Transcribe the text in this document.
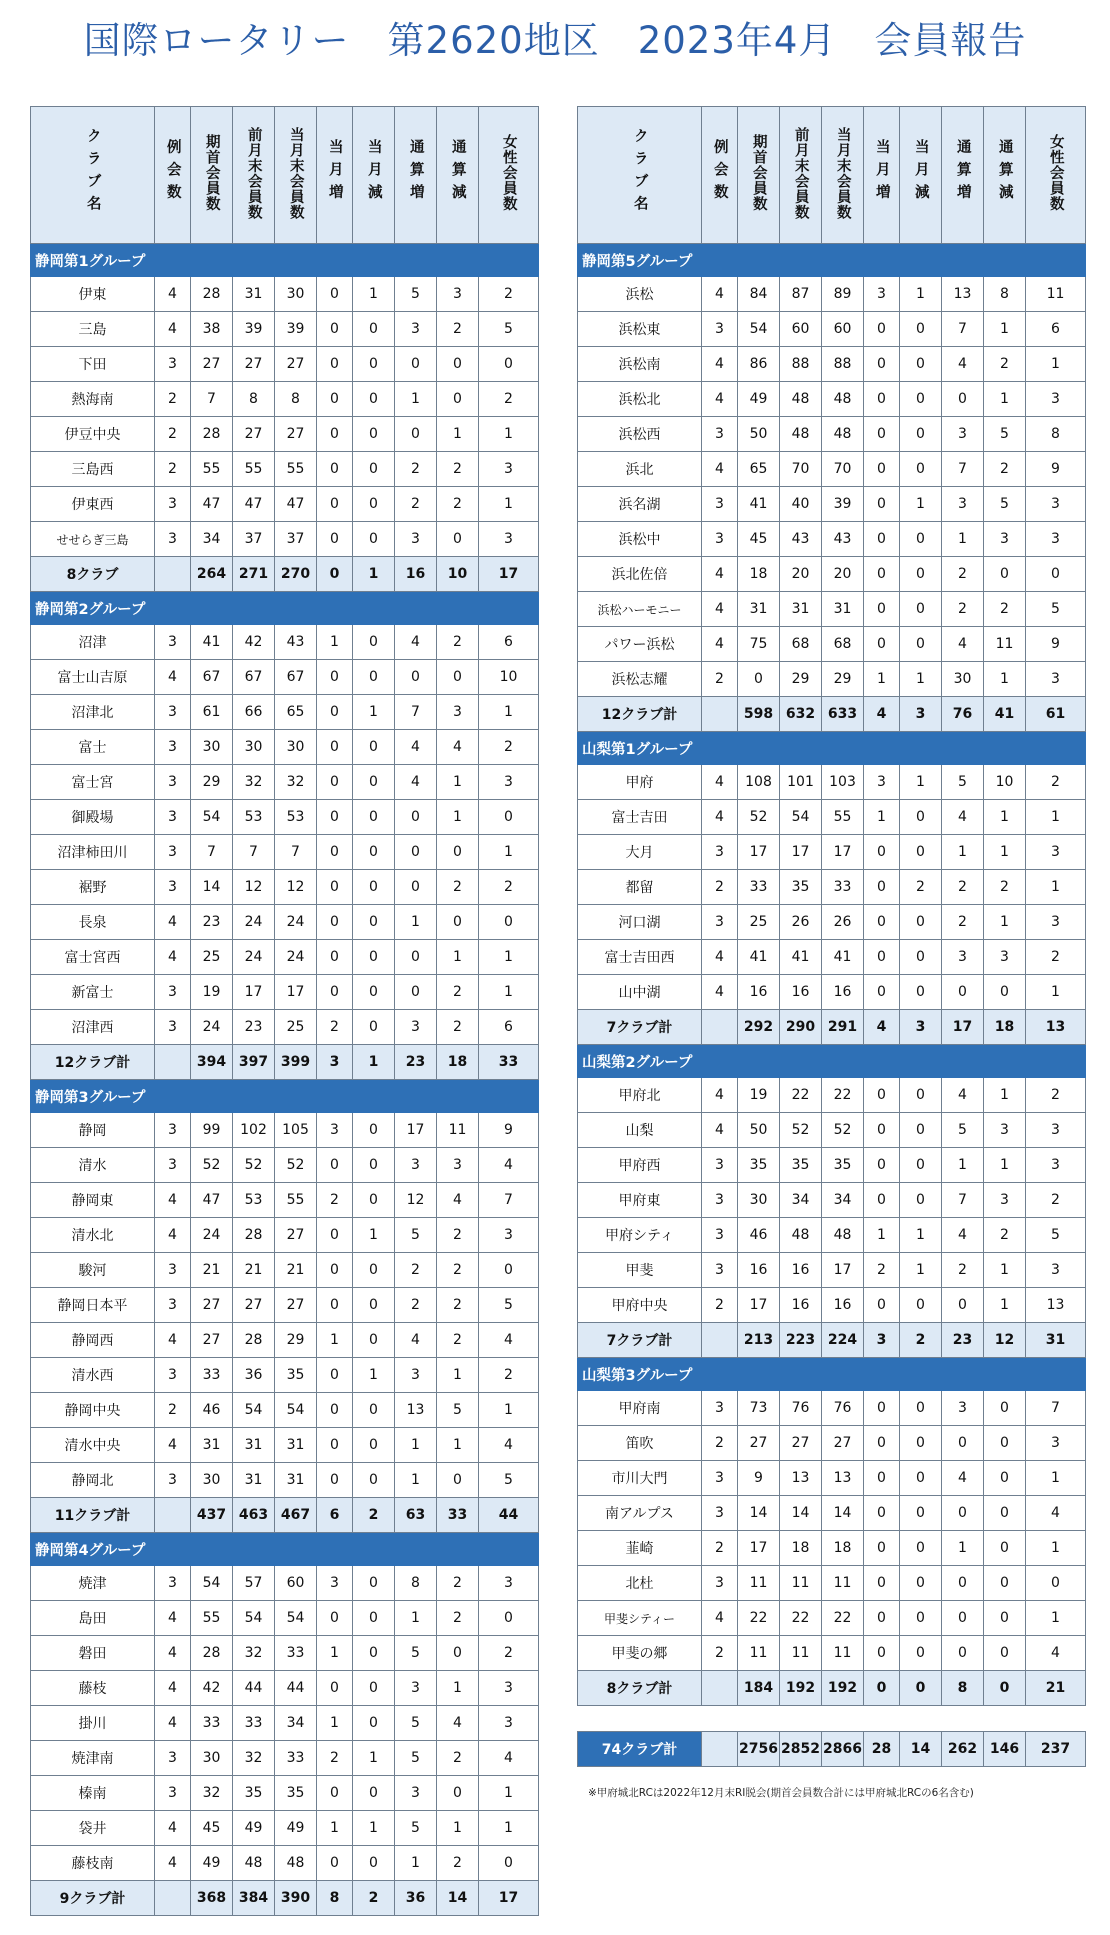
国際ロータリー　第2620地区　2023年4月　会員報告
クラブ名	例会数	期首会員数	前月末会員数	当月末会員数	当月増	当月減	通算増	通算減	女性会員数
静岡第1グループ									
伊東	4	28	31	30	0	1	5	3	2
三島	4	38	39	39	0	0	3	2	5
下田	3	27	27	27	0	0	0	0	0
熱海南	2	7	8	8	0	0	1	0	2
伊豆中央	2	28	27	27	0	0	0	1	1
三島西	2	55	55	55	0	0	2	2	3
伊東西	3	47	47	47	0	0	2	2	1
せせらぎ三島	3	34	37	37	0	0	3	0	3
8クラブ		264	271	270	0	1	16	10	17
静岡第2グループ									
沼津	3	41	42	43	1	0	4	2	6
富士山吉原	4	67	67	67	0	0	0	0	10
沼津北	3	61	66	65	0	1	7	3	1
富士	3	30	30	30	0	0	4	4	2
富士宮	3	29	32	32	0	0	4	1	3
御殿場	3	54	53	53	0	0	0	1	0
沼津柿田川	3	7	7	7	0	0	0	0	1
裾野	3	14	12	12	0	0	0	2	2
長泉	4	23	24	24	0	0	1	0	0
富士宮西	4	25	24	24	0	0	0	1	1
新富士	3	19	17	17	0	0	0	2	1
沼津西	3	24	23	25	2	0	3	2	6
12クラブ計		394	397	399	3	1	23	18	33
静岡第3グループ									
静岡	3	99	102	105	3	0	17	11	9
清水	3	52	52	52	0	0	3	3	4
静岡東	4	47	53	55	2	0	12	4	7
清水北	4	24	28	27	0	1	5	2	3
駿河	3	21	21	21	0	0	2	2	0
静岡日本平	3	27	27	27	0	0	2	2	5
静岡西	4	27	28	29	1	0	4	2	4
清水西	3	33	36	35	0	1	3	1	2
静岡中央	2	46	54	54	0	0	13	5	1
清水中央	4	31	31	31	0	0	1	1	4
静岡北	3	30	31	31	0	0	1	0	5
11クラブ計		437	463	467	6	2	63	33	44
静岡第4グループ									
焼津	3	54	57	60	3	0	8	2	3
島田	4	55	54	54	0	0	1	2	0
磐田	4	28	32	33	1	0	5	0	2
藤枝	4	42	44	44	0	0	3	1	3
掛川	4	33	33	34	1	0	5	4	3
焼津南	3	30	32	33	2	1	5	2	4
榛南	3	32	35	35	0	0	3	0	1
袋井	4	45	49	49	1	1	5	1	1
藤枝南	4	49	48	48	0	0	1	2	0
9クラブ計		368	384	390	8	2	36	14	17
クラブ名	例会数	期首会員数	前月末会員数	当月末会員数	当月増	当月減	通算増	通算減	女性会員数
静岡第5グループ									
浜松	4	84	87	89	3	1	13	8	11
浜松東	3	54	60	60	0	0	7	1	6
浜松南	4	86	88	88	0	0	4	2	1
浜松北	4	49	48	48	0	0	0	1	3
浜松西	3	50	48	48	0	0	3	5	8
浜北	4	65	70	70	0	0	7	2	9
浜名湖	3	41	40	39	0	1	3	5	3
浜松中	3	45	43	43	0	0	1	3	3
浜北佐倍	4	18	20	20	0	0	2	0	0
浜松ハーモニー	4	31	31	31	0	0	2	2	5
パワー浜松	4	75	68	68	0	0	4	11	9
浜松志耀	2	0	29	29	1	1	30	1	3
12クラブ計		598	632	633	4	3	76	41	61
山梨第1グループ									
甲府	4	108	101	103	3	1	5	10	2
富士吉田	4	52	54	55	1	0	4	1	1
大月	3	17	17	17	0	0	1	1	3
都留	2	33	35	33	0	2	2	2	1
河口湖	3	25	26	26	0	0	2	1	3
富士吉田西	4	41	41	41	0	0	3	3	2
山中湖	4	16	16	16	0	0	0	0	1
7クラブ計		292	290	291	4	3	17	18	13
山梨第2グループ									
甲府北	4	19	22	22	0	0	4	1	2
山梨	4	50	52	52	0	0	5	3	3
甲府西	3	35	35	35	0	0	1	1	3
甲府東	3	30	34	34	0	0	7	3	2
甲府シティ	3	46	48	48	1	1	4	2	5
甲斐	3	16	16	17	2	1	2	1	3
甲府中央	2	17	16	16	0	0	0	1	13
7クラブ計		213	223	224	3	2	23	12	31
山梨第3グループ									
甲府南	3	73	76	76	0	0	3	0	7
笛吹	2	27	27	27	0	0	0	0	3
市川大門	3	9	13	13	0	0	4	0	1
南アルプス	3	14	14	14	0	0	0	0	4
韮崎	2	17	18	18	0	0	1	0	1
北杜	3	11	11	11	0	0	0	0	0
甲斐シティー	4	22	22	22	0	0	0	0	1
甲斐の郷	2	11	11	11	0	0	0	0	4
8クラブ計		184	192	192	0	0	8	0	21
74クラブ計		2756	2852	2866	28	14	262	146	237
※甲府城北RCは2022年12月末RI脱会(期首会員数合計には甲府城北RCの6名含む)
